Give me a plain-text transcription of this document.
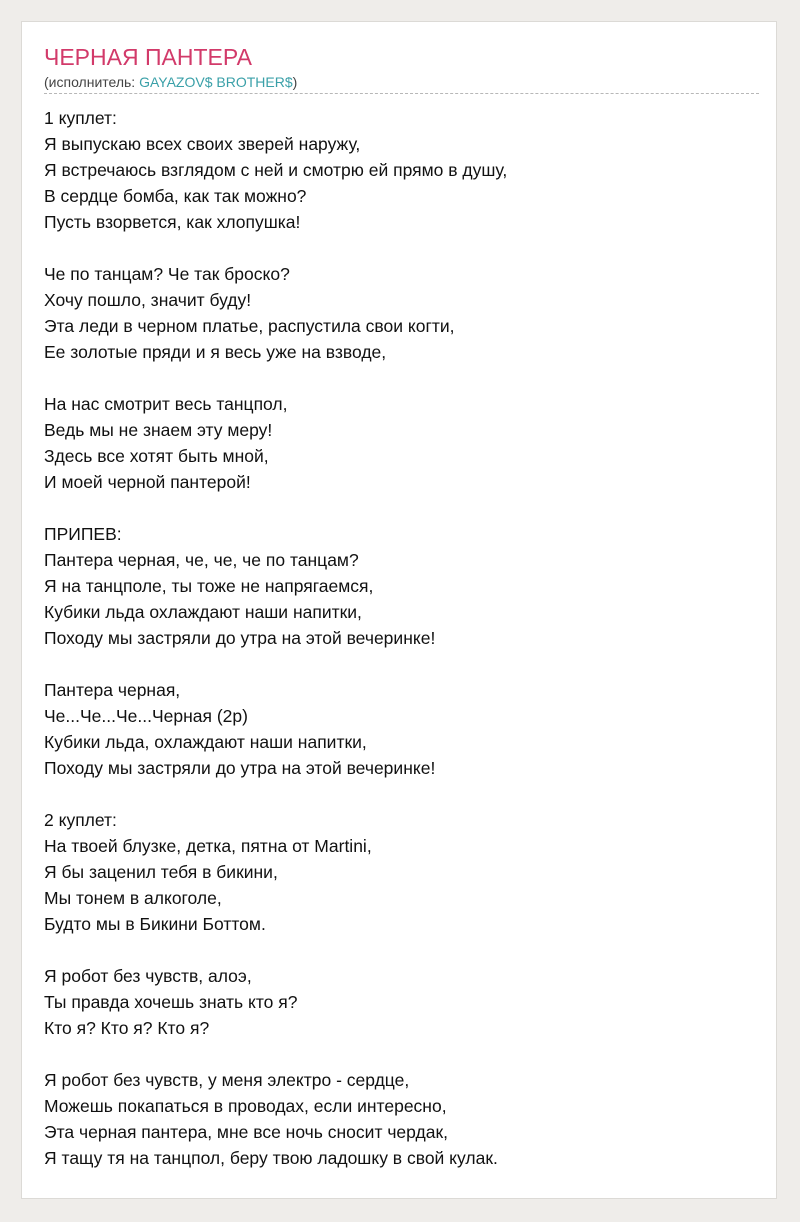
ЧЕРНАЯ ПАНТЕРА
(исполнитель: GAYAZOV$ BROTHER$)
1 куплет:
Я выпускаю всех своих зверей наружу,
Я встречаюсь взглядом с ней и смотрю ей прямо в душу,
В сердце бомба, как так можно?
Пусть взорвется, как хлопушка!
Че по танцам? Че так броско?
Хочу пошло, значит буду!
Эта леди в черном платье, распустила свои когти,
Ее золотые пряди и я весь уже на взводе,
На нас смотрит весь танцпол,
Ведь мы не знаем эту меру!
Здесь все хотят быть мной,
И моей черной пантерой!
ПРИПЕВ:
Пантера черная, че, че, че по танцам?
Я на танцполе, ты тоже не напрягаемся,
Кубики льда охлаждают наши напитки,
Походу мы застряли до утра на этой вечеринке!
Пантера черная,
Че...Че...Че...Черная (2р)
Кубики льда, охлаждают наши напитки,
Походу мы застряли до утра на этой вечеринке!
2 куплет:
На твоей блузке, детка, пятна от Martini,
Я бы заценил тебя в бикини,
Мы тонем в алкоголе,
Будто мы в Бикини Боттом.
Я робот без чувств, алоэ,
Ты правда хочешь знать кто я?
Кто я? Кто я? Кто я?
Я робот без чувств, у меня электро - сердце,
Можешь покапаться в проводах, если интересно,
Эта черная пантера, мне все ночь сносит чердак,
Я тащу тя на танцпол, беру твою ладошку в свой кулак.
